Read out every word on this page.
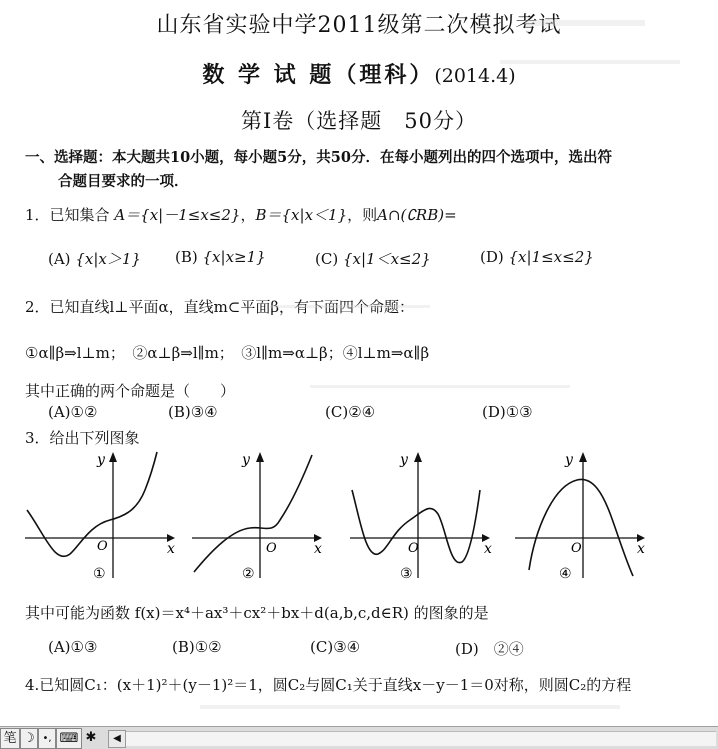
山东省实验中学2011级第二次模拟考试
数 学 试 题（理科）(2014.4)
第Ⅰ卷（选择题　50分）
一、选择题：本大题共10小题，每小题5分，共50分．在每小题列出的四个选项中，选出符
合题目要求的一项．
1．已知集合 A＝{x|－1≤x≤2}，B＝{x|x＜1}，则A∩(∁RB)=
(A) {x|x＞1} (B) {x|x≥1}	(C) {x|1＜x≤2}	(D) {x|1≤x≤2}
2．已知直线l⊥平面α，直线m⊂平面β，有下面四个命题：
①α∥β⇒l⊥m；　②α⊥β⇒l∥m；　③l∥m⇒α⊥β；④l⊥m⇒α∥β
其中正确的两个命题是（　　）
(A)①②	(B)③④	(C)②④	(D)①③
3．给出下列图象
O
y
x
①
O
y
x
②
O
y
x
③
O
y
x
④
其中可能为函数 f(x)＝x⁴＋ax³＋cx²＋bx＋d(a,b,c,d∈R) 的图象的是
(A)①③	(B)①②	(C)③④	(D)　 ②④
4.已知圆C₁：(x＋1)²＋(y－1)²＝1，圆C₂与圆C₁关于直线x－y－1＝0对称，则圆C₂的方程
笔 ☽ •, ⌨ ✱	◀
